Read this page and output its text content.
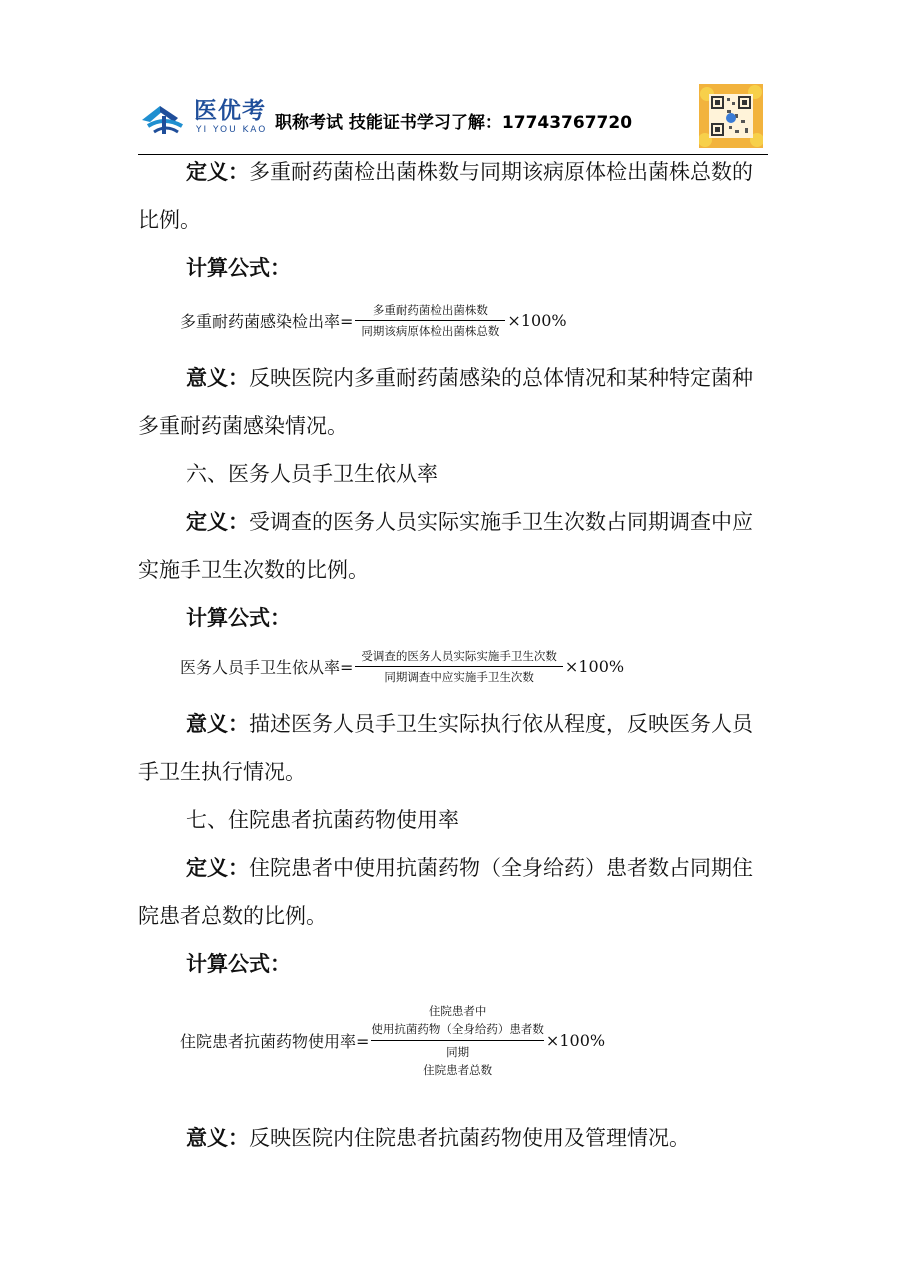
医优考
YI YOU KAO 职称考试 技能证书学习了解：17743767720

定义：多重耐药菌检出菌株数与同期该病原体检出菌株总数的比例。

计算公式：

多重耐药菌感染检出率= $\frac{\text{多重耐药菌检出菌株数}}{\text{同期该病原体检出菌株总数}} \times 100\%$

意义：反映医院内多重耐药菌感染的总体情况和某种特定菌种多重耐药菌感染情况。

六、医务人员手卫生依从率

定义：受调查的医务人员实际实施手卫生次数占同期调查中应实施手卫生次数的比例。

计算公式：

医务人员手卫生依从率= $\frac{\text{受调查的医务人员实际实施手卫生次数}}{\text{同期调查中应实施手卫生次数}} \times 100\%$

意义：描述医务人员手卫生实际执行依从程度，反映医务人员手卫生执行情况。

七、住院患者抗菌药物使用率

定义：住院患者中使用抗菌药物（全身给药）患者数占同期住院患者总数的比例。

计算公式：

住院患者抗菌药物使用率=
住院患者中
使用抗菌药物（全身给药）患者数
同期
住院患者总数
×100%

意义：反映医院内住院患者抗菌药物使用及管理情况。
